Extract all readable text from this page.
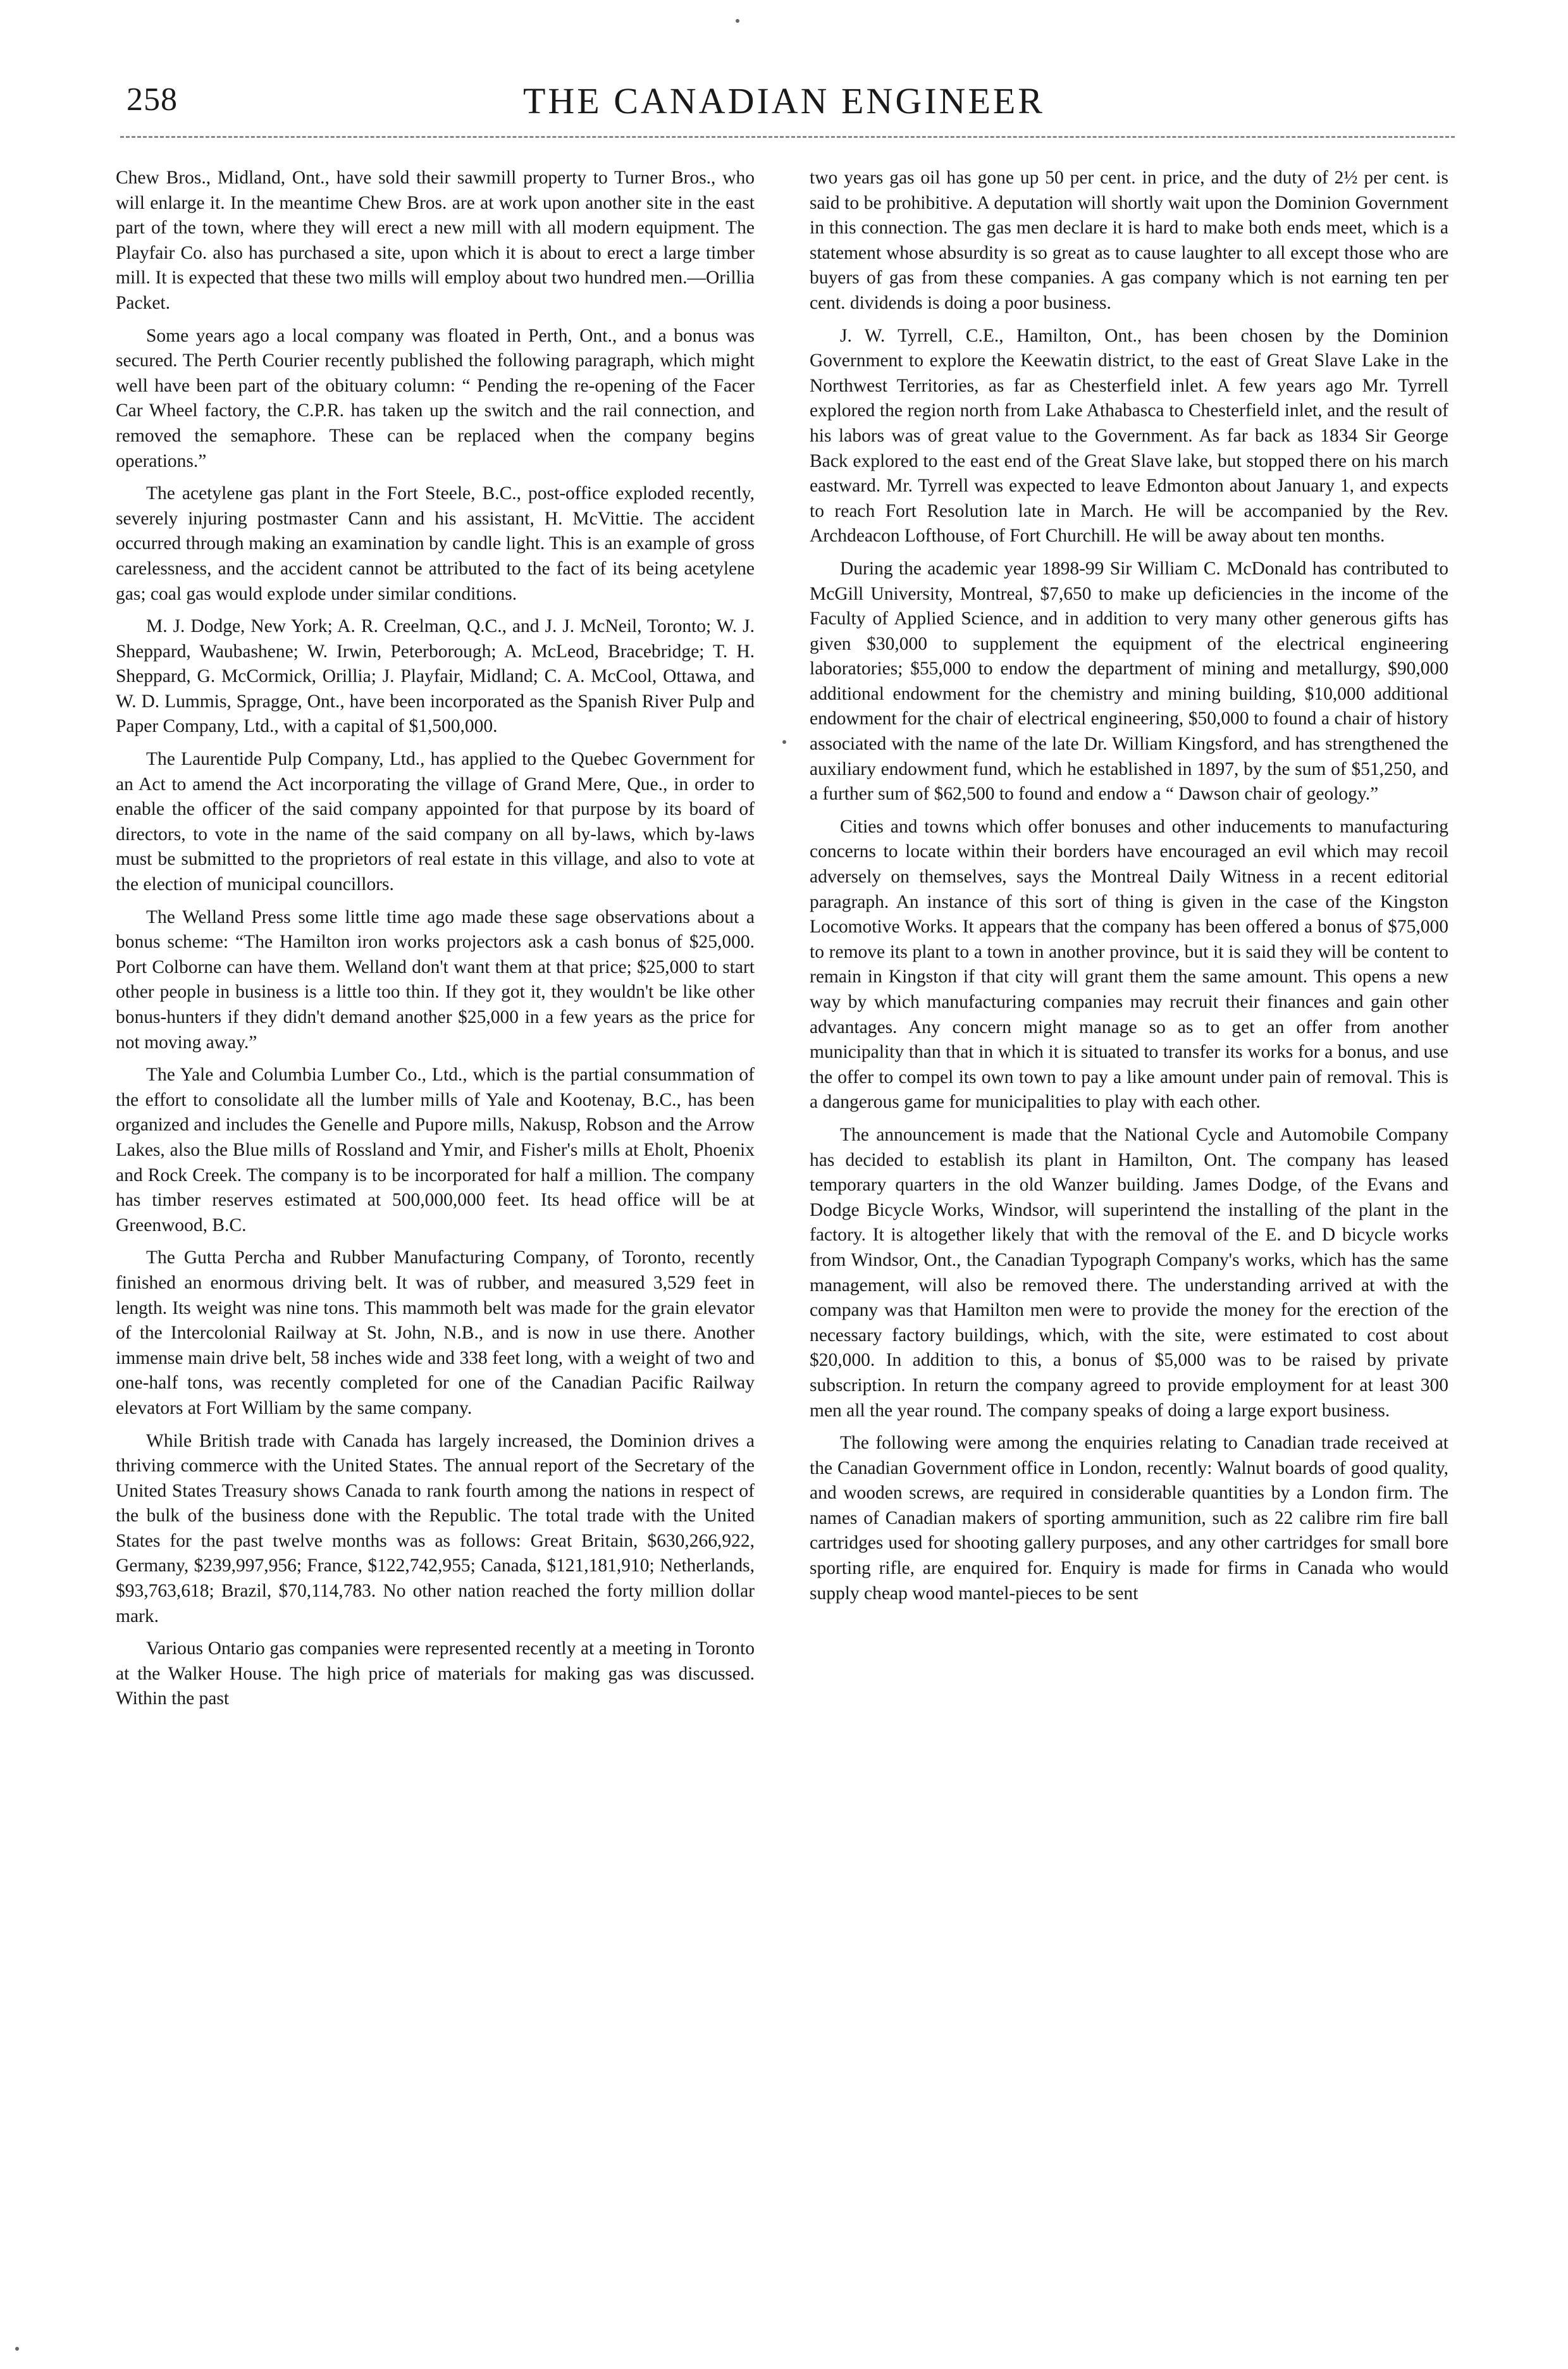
258	THE CANADIAN ENGINEER

Chew Bros., Midland, Ont., have sold their sawmill property to Turner Bros., who will enlarge it. In the meantime Chew Bros. are at work upon another site in the east part of the town, where they will erect a new mill with all modern equipment. The Playfair Co. also has purchased a site, upon which it is about to erect a large timber mill. It is expected that these two mills will employ about two hundred men.—Orillia Packet.

Some years ago a local company was floated in Perth, Ont., and a bonus was secured. The Perth Courier recently published the following paragraph, which might well have been part of the obituary column: “ Pending the re-opening of the Facer Car Wheel factory, the C.P.R. has taken up the switch and the rail connection, and removed the semaphore. These can be replaced when the company begins operations.”

The acetylene gas plant in the Fort Steele, B.C., post-office exploded recently, severely injuring postmaster Cann and his assistant, H. McVittie. The accident occurred through making an examination by candle light. This is an example of gross carelessness, and the accident cannot be attributed to the fact of its being acetylene gas; coal gas would explode under similar conditions.

M. J. Dodge, New York; A. R. Creelman, Q.C., and J. J. McNeil, Toronto; W. J. Sheppard, Waubashene; W. Irwin, Peterborough; A. McLeod, Bracebridge; T. H. Sheppard, G. McCormick, Orillia; J. Playfair, Midland; C. A. McCool, Ottawa, and W. D. Lummis, Spragge, Ont., have been incorporated as the Spanish River Pulp and Paper Company, Ltd., with a capital of $1,500,000.

The Laurentide Pulp Company, Ltd., has applied to the Quebec Government for an Act to amend the Act incorporating the village of Grand Mere, Que., in order to enable the officer of the said company appointed for that purpose by its board of directors, to vote in the name of the said company on all by-laws, which by-laws must be submitted to the proprietors of real estate in this village, and also to vote at the election of municipal councillors.

The Welland Press some little time ago made these sage observations about a bonus scheme: “The Hamilton iron works projectors ask a cash bonus of $25,000. Port Colborne can have them. Welland don't want them at that price; $25,000 to start other people in business is a little too thin. If they got it, they wouldn't be like other bonus-hunters if they didn't demand another $25,000 in a few years as the price for not moving away.”

The Yale and Columbia Lumber Co., Ltd., which is the partial consummation of the effort to consolidate all the lumber mills of Yale and Kootenay, B.C., has been organized and includes the Genelle and Pupore mills, Nakusp, Robson and the Arrow Lakes, also the Blue mills of Rossland and Ymir, and Fisher's mills at Eholt, Phoenix and Rock Creek. The company is to be incorporated for half a million. The company has timber reserves estimated at 500,000,000 feet. Its head office will be at Greenwood, B.C.

The Gutta Percha and Rubber Manufacturing Company, of Toronto, recently finished an enormous driving belt. It was of rubber, and measured 3,529 feet in length. Its weight was nine tons. This mammoth belt was made for the grain elevator of the Intercolonial Railway at St. John, N.B., and is now in use there. Another immense main drive belt, 58 inches wide and 338 feet long, with a weight of two and one-half tons, was recently completed for one of the Canadian Pacific Railway elevators at Fort William by the same company.

While British trade with Canada has largely increased, the Dominion drives a thriving commerce with the United States. The annual report of the Secretary of the United States Treasury shows Canada to rank fourth among the nations in respect of the bulk of the business done with the Republic. The total trade with the United States for the past twelve months was as follows: Great Britain, $630,266,922, Germany, $239,997,956; France, $122,742,955; Canada, $121,181,910; Netherlands, $93,763,618; Brazil, $70,114,783. No other nation reached the forty million dollar mark.

Various Ontario gas companies were represented recently at a meeting in Toronto at the Walker House. The high price of materials for making gas was discussed. Within the past

two years gas oil has gone up 50 per cent. in price, and the duty of 2½ per cent. is said to be prohibitive. A deputation will shortly wait upon the Dominion Government in this connection. The gas men declare it is hard to make both ends meet, which is a statement whose absurdity is so great as to cause laughter to all except those who are buyers of gas from these companies. A gas company which is not earning ten per cent. dividends is doing a poor business.

J. W. Tyrrell, C.E., Hamilton, Ont., has been chosen by the Dominion Government to explore the Keewatin district, to the east of Great Slave Lake in the Northwest Territories, as far as Chesterfield inlet. A few years ago Mr. Tyrrell explored the region north from Lake Athabasca to Chesterfield inlet, and the result of his labors was of great value to the Government. As far back as 1834 Sir George Back explored to the east end of the Great Slave lake, but stopped there on his march eastward. Mr. Tyrrell was expected to leave Edmonton about January 1, and expects to reach Fort Resolution late in March. He will be accompanied by the Rev. Archdeacon Lofthouse, of Fort Churchill. He will be away about ten months.

During the academic year 1898-99 Sir William C. McDonald has contributed to McGill University, Montreal, $7,650 to make up deficiencies in the income of the Faculty of Applied Science, and in addition to very many other generous gifts has given $30,000 to supplement the equipment of the electrical engineering laboratories; $55,000 to endow the department of mining and metallurgy, $90,000 additional endowment for the chemistry and mining building, $10,000 additional endowment for the chair of electrical engineering, $50,000 to found a chair of history associated with the name of the late Dr. William Kingsford, and has strengthened the auxiliary endowment fund, which he established in 1897, by the sum of $51,250, and a further sum of $62,500 to found and endow a “ Dawson chair of geology.”

Cities and towns which offer bonuses and other inducements to manufacturing concerns to locate within their borders have encouraged an evil which may recoil adversely on themselves, says the Montreal Daily Witness in a recent editorial paragraph. An instance of this sort of thing is given in the case of the Kingston Locomotive Works. It appears that the company has been offered a bonus of $75,000 to remove its plant to a town in another province, but it is said they will be content to remain in Kingston if that city will grant them the same amount. This opens a new way by which manufacturing companies may recruit their finances and gain other advantages. Any concern might manage so as to get an offer from another municipality than that in which it is situated to transfer its works for a bonus, and use the offer to compel its own town to pay a like amount under pain of removal. This is a dangerous game for municipalities to play with each other.

The announcement is made that the National Cycle and Automobile Company has decided to establish its plant in Hamilton, Ont. The company has leased temporary quarters in the old Wanzer building. James Dodge, of the Evans and Dodge Bicycle Works, Windsor, will superintend the installing of the plant in the factory. It is altogether likely that with the removal of the E. and D bicycle works from Windsor, Ont., the Canadian Typograph Company's works, which has the same management, will also be removed there. The understanding arrived at with the company was that Hamilton men were to provide the money for the erection of the necessary factory buildings, which, with the site, were estimated to cost about $20,000. In addition to this, a bonus of $5,000 was to be raised by private subscription. In return the company agreed to provide employment for at least 300 men all the year round. The company speaks of doing a large export business.

The following were among the enquiries relating to Canadian trade received at the Canadian Government office in London, recently: Walnut boards of good quality, and wooden screws, are required in considerable quantities by a London firm. The names of Canadian makers of sporting ammunition, such as 22 calibre rim fire ball cartridges used for shooting gallery purposes, and any other cartridges for small bore sporting rifle, are enquired for. Enquiry is made for firms in Canada who would supply cheap wood mantel-pieces to be sent
